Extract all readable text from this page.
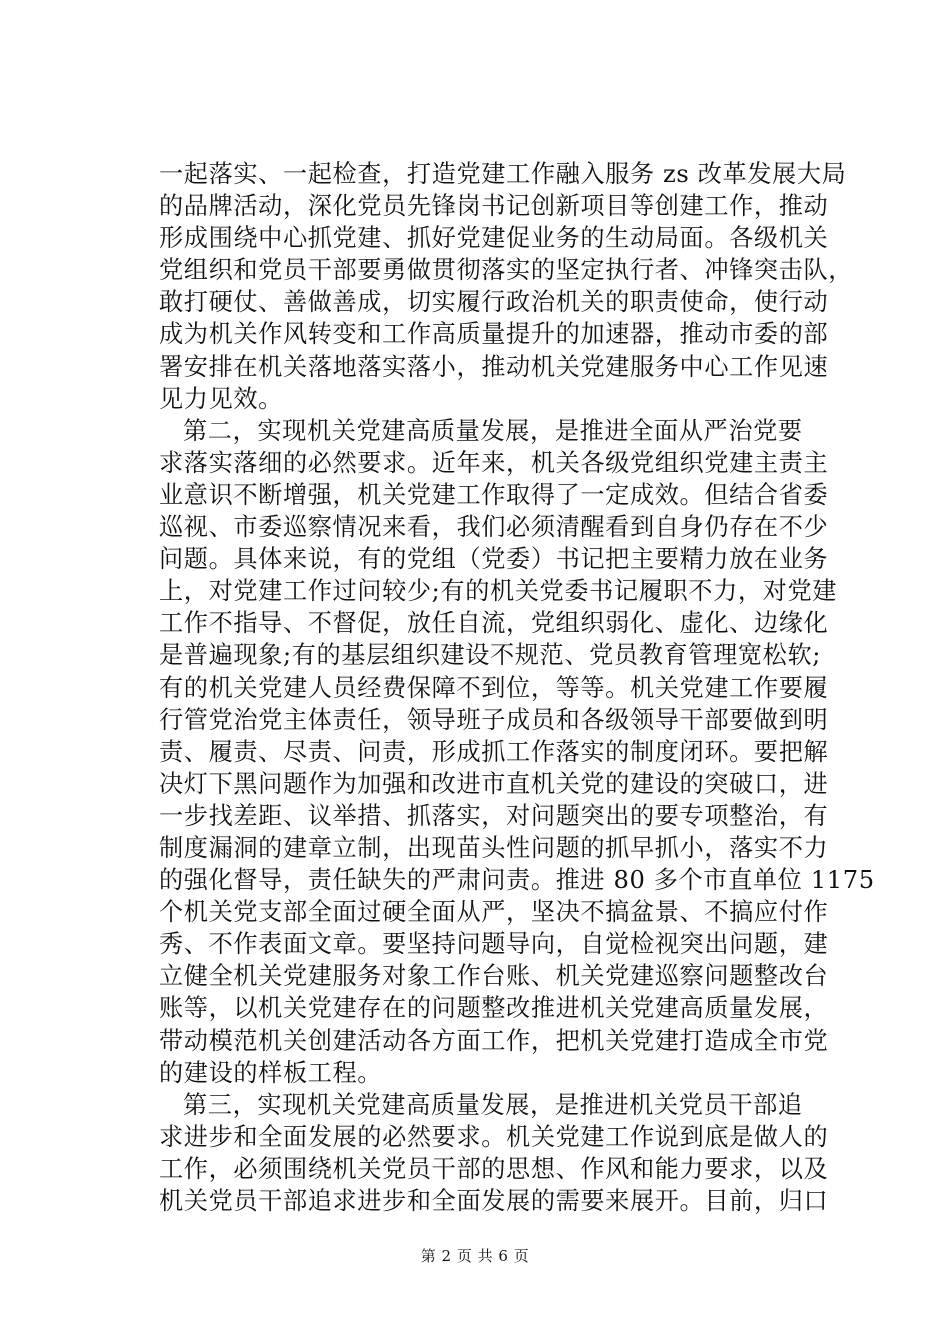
一起落实、一起检查，打造党建工作融入服务 zs 改革发展大局
的品牌活动，深化党员先锋岗书记创新项目等创建工作，推动
形成围绕中心抓党建、抓好党建促业务的生动局面。各级机关
党组织和党员干部要勇做贯彻落实的坚定执行者、冲锋突击队，
敢打硬仗、善做善成，切实履行政治机关的职责使命，使行动
成为机关作风转变和工作高质量提升的加速器，推动市委的部
署安排在机关落地落实落小，推动机关党建服务中心工作见速
见力见效。
第二，实现机关党建高质量发展，是推进全面从严治党要
求落实落细的必然要求。近年来，机关各级党组织党建主责主
业意识不断增强，机关党建工作取得了一定成效。但结合省委
巡视、市委巡察情况来看，我们必须清醒看到自身仍存在不少
问题。具体来说，有的党组（党委）书记把主要精力放在业务
上，对党建工作过问较少;有的机关党委书记履职不力，对党建
工作不指导、不督促，放任自流，党组织弱化、虚化、边缘化
是普遍现象;有的基层组织建设不规范、党员教育管理宽松软;
有的机关党建人员经费保障不到位，等等。机关党建工作要履
行管党治党主体责任，领导班子成员和各级领导干部要做到明
责、履责、尽责、问责，形成抓工作落实的制度闭环。要把解
决灯下黑问题作为加强和改进市直机关党的建设的突破口，进
一步找差距、议举措、抓落实，对问题突出的要专项整治，有
制度漏洞的建章立制，出现苗头性问题的抓早抓小，落实不力
的强化督导，责任缺失的严肃问责。推进 80 多个市直单位 1175
个机关党支部全面过硬全面从严，坚决不搞盆景、不搞应付作
秀、不作表面文章。要坚持问题导向，自觉检视突出问题，建
立健全机关党建服务对象工作台账、机关党建巡察问题整改台
账等，以机关党建存在的问题整改推进机关党建高质量发展，
带动模范机关创建活动各方面工作，把机关党建打造成全市党
的建设的样板工程。
第三，实现机关党建高质量发展，是推进机关党员干部追
求进步和全面发展的必然要求。机关党建工作说到底是做人的
工作，必须围绕机关党员干部的思想、作风和能力要求，以及
机关党员干部追求进步和全面发展的需要来展开。目前，归口
第 2 页 共 6 页
